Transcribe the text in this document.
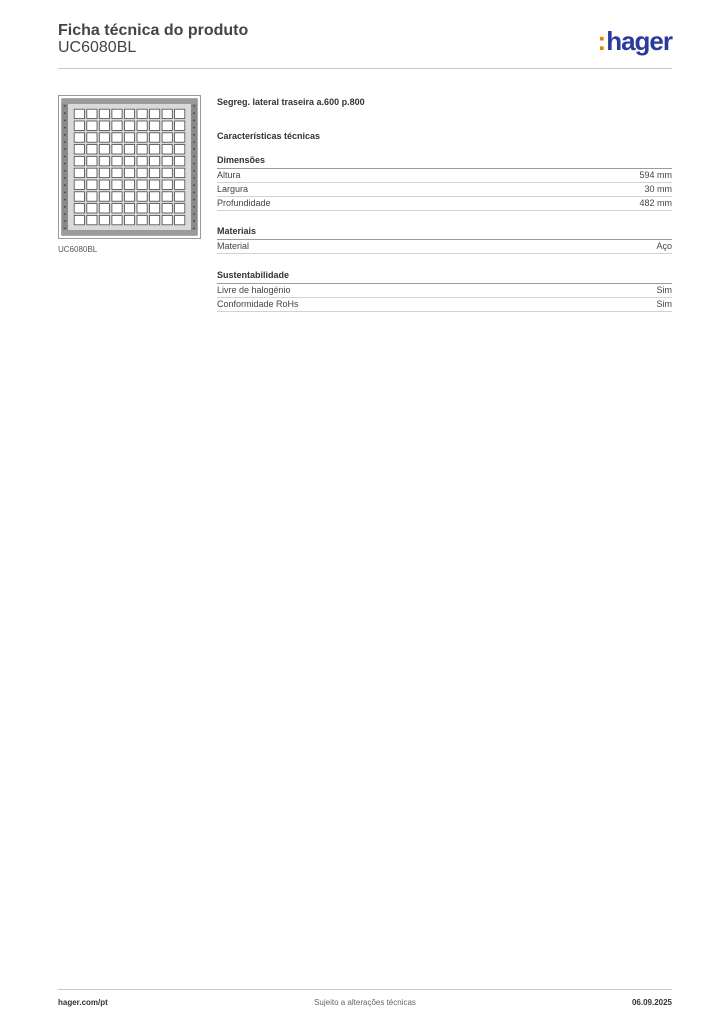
Ficha técnica do produto
UC6080BL	:hager
UC6080BL
Segreg. lateral traseira a.600 p.800
Características técnicas
Dimensões
Altura	594 mm
Largura	30 mm
Profundidade	482 mm
Materiais
Material	Aço
Sustentabilidade
Livre de halogénio	Sim
Conformidade RoHs	Sim
hager.com/pt	Sujeito a alterações técnicas	06.09.2025
